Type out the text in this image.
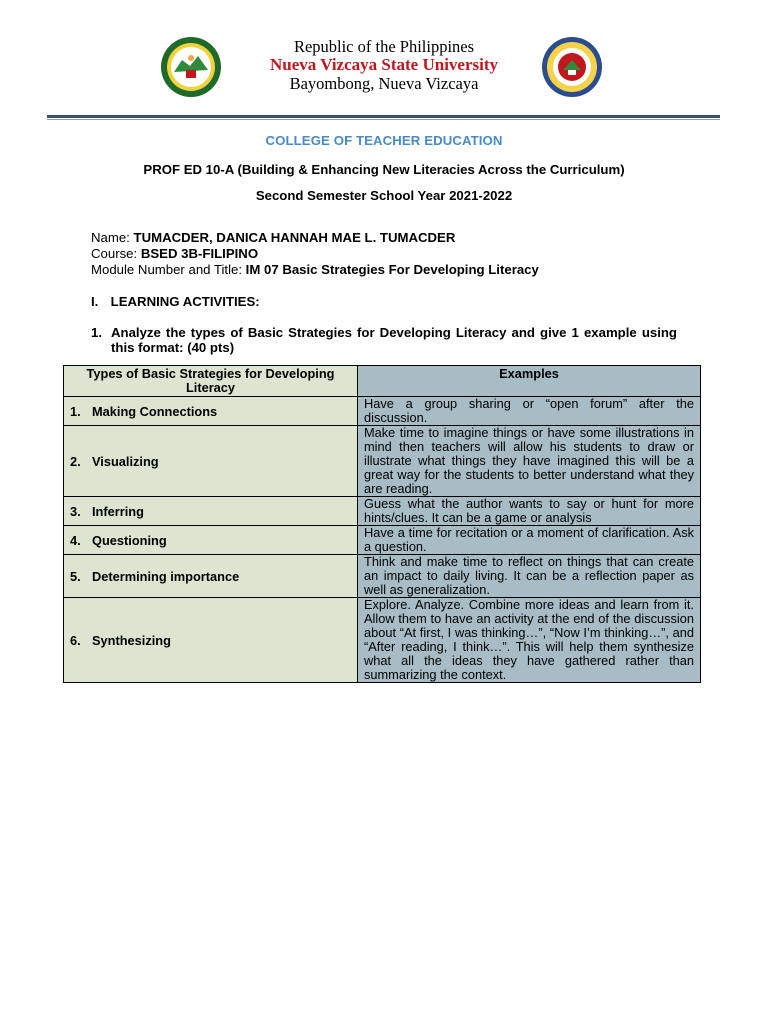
Republic of the Philippines
Nueva Vizcaya State University
Bayombong, Nueva Vizcaya
COLLEGE OF TEACHER EDUCATION
PROF ED 10-A (Building & Enhancing New Literacies Across the Curriculum)
Second Semester School Year 2021-2022
Name: TUMACDER, DANICA HANNAH MAE L. TUMACDER
Course: BSED 3B-FILIPINO
Module Number and Title: IM 07 Basic Strategies For Developing Literacy
I. LEARNING ACTIVITIES:
1. Analyze the types of Basic Strategies for Developing Literacy and give 1 example using this format: (40 pts)
Types of Basic Strategies for Developing Literacy	Examples
1. Making Connections	Have a group sharing or “open forum” after the discussion.
2. Visualizing	Make time to imagine things or have some illustrations in mind then teachers will allow his students to draw or illustrate what things they have imagined this will be a great way for the students to better understand what they are reading.
3. Inferring	Guess what the author wants to say or hunt for more hints/clues. It can be a game or analysis
4. Questioning	Have a time for recitation or a moment of clarification. Ask a question.
5. Determining importance	Think and make time to reflect on things that can create an impact to daily living. It can be a reflection paper as well as generalization.
6. Synthesizing	Explore. Analyze. Combine more ideas and learn from it. Allow them to have an activity at the end of the discussion about “At first, I was thinking…”, “Now I’m thinking…”, and “After reading, I think…”. This will help them synthesize what all the ideas they have gathered rather than summarizing the context.
